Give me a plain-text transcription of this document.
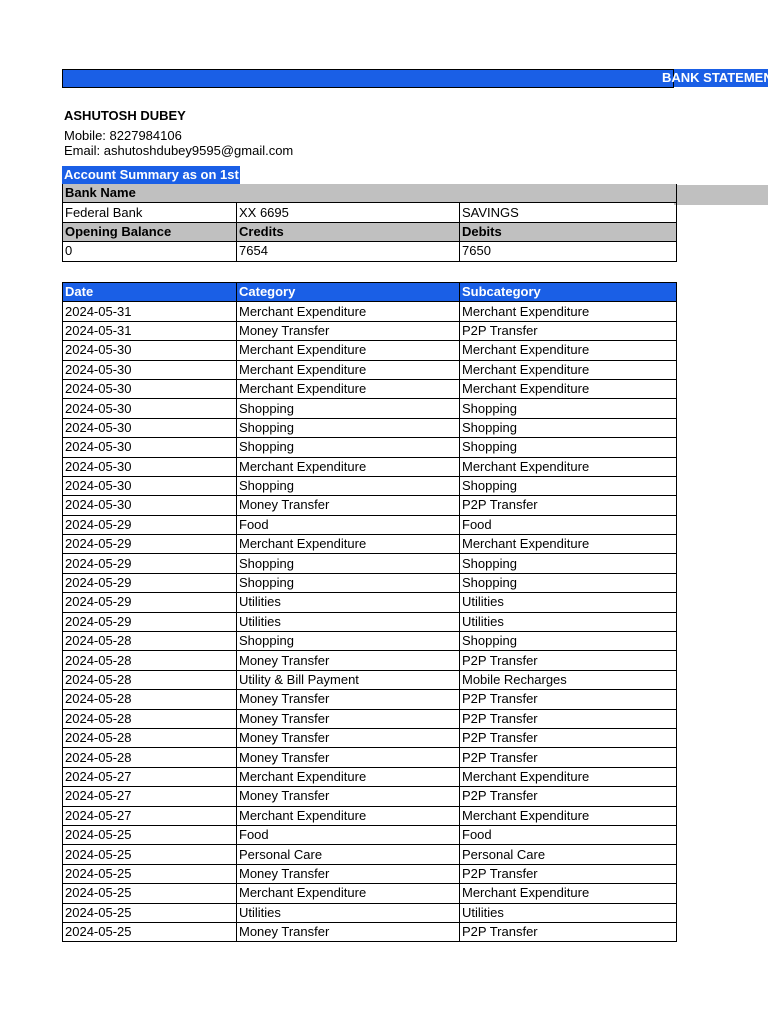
BANK STATEMENT
ASHUTOSH DUBEY
Mobile: 8227984106
Email: ashutoshdubey9595@gmail.com
Account Summary as on 1st June 2024
Bank Name		
Federal Bank	XX 6695	SAVINGS
Opening Balance	Credits	Debits
0	7654	7650
Date	Category	Subcategory
2024-05-31	Merchant Expenditure	Merchant Expenditure
2024-05-31	Money Transfer	P2P Transfer
2024-05-30	Merchant Expenditure	Merchant Expenditure
2024-05-30	Merchant Expenditure	Merchant Expenditure
2024-05-30	Merchant Expenditure	Merchant Expenditure
2024-05-30	Shopping	Shopping
2024-05-30	Shopping	Shopping
2024-05-30	Shopping	Shopping
2024-05-30	Merchant Expenditure	Merchant Expenditure
2024-05-30	Shopping	Shopping
2024-05-30	Money Transfer	P2P Transfer
2024-05-29	Food	Food
2024-05-29	Merchant Expenditure	Merchant Expenditure
2024-05-29	Shopping	Shopping
2024-05-29	Shopping	Shopping
2024-05-29	Utilities	Utilities
2024-05-29	Utilities	Utilities
2024-05-28	Shopping	Shopping
2024-05-28	Money Transfer	P2P Transfer
2024-05-28	Utility & Bill Payment	Mobile Recharges
2024-05-28	Money Transfer	P2P Transfer
2024-05-28	Money Transfer	P2P Transfer
2024-05-28	Money Transfer	P2P Transfer
2024-05-28	Money Transfer	P2P Transfer
2024-05-27	Merchant Expenditure	Merchant Expenditure
2024-05-27	Money Transfer	P2P Transfer
2024-05-27	Merchant Expenditure	Merchant Expenditure
2024-05-25	Food	Food
2024-05-25	Personal Care	Personal Care
2024-05-25	Money Transfer	P2P Transfer
2024-05-25	Merchant Expenditure	Merchant Expenditure
2024-05-25	Utilities	Utilities
2024-05-25	Money Transfer	P2P Transfer
